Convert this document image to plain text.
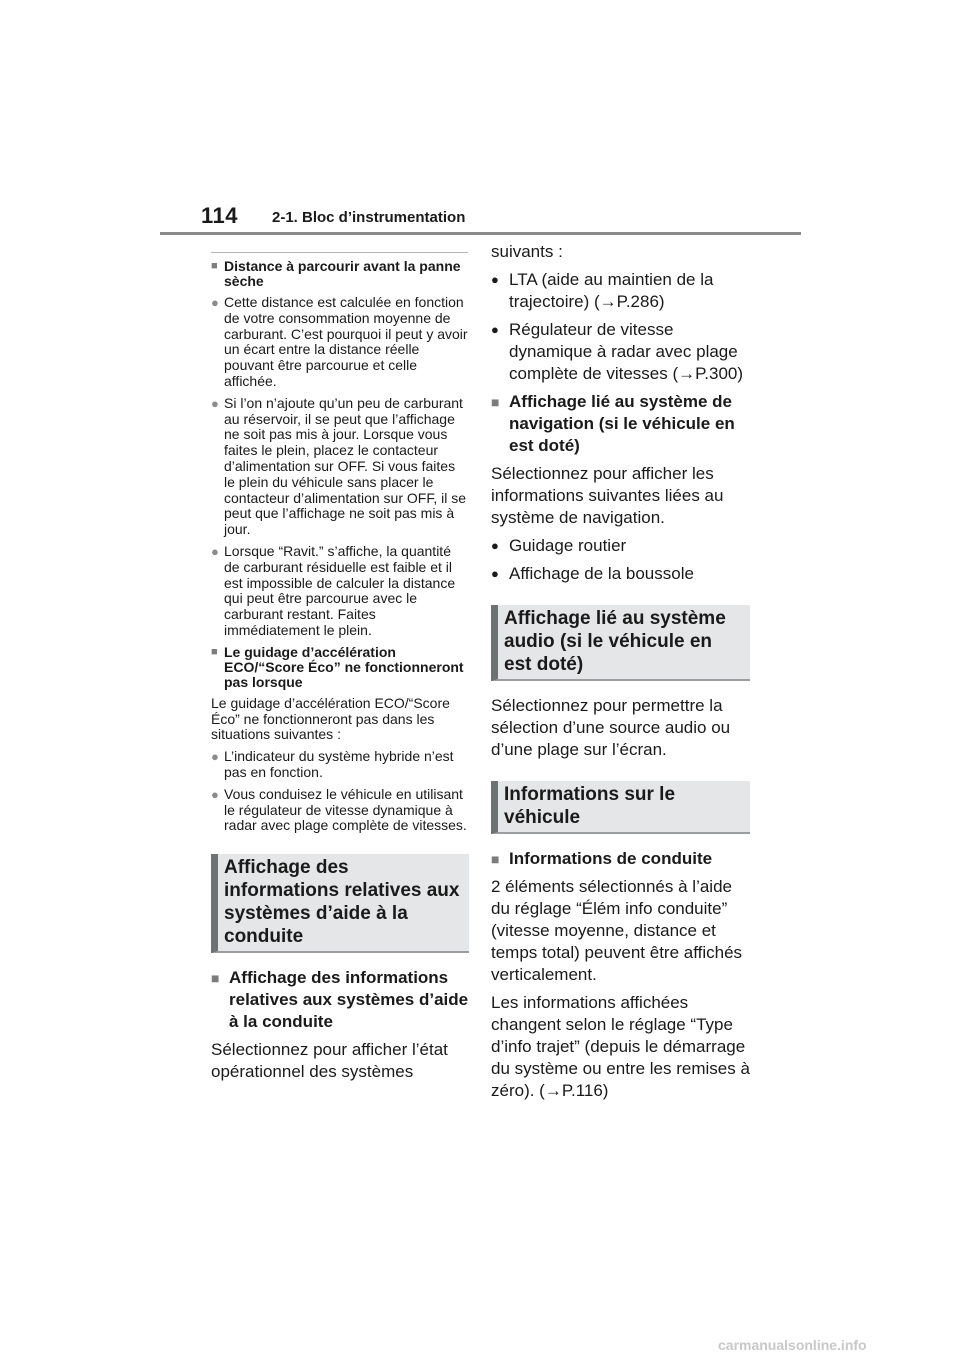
114 2-1. Bloc d’instrumentation
■ Distance à parcourir avant la panne sèche
● Cette distance est calculée en fonction de votre consommation moyenne de carburant. C’est pourquoi il peut y avoir un écart entre la distance réelle pouvant être parcourue et celle affichée.
● Si l’on n’ajoute qu’un peu de carburant au réservoir, il se peut que l’affichage ne soit pas mis à jour. Lorsque vous faites le plein, placez le contacteur d’alimentation sur OFF. Si vous faites le plein du véhicule sans placer le contacteur d’alimentation sur OFF, il se peut que l’affichage ne soit pas mis à jour.
● Lorsque “Ravit.” s’affiche, la quantité de carburant résiduelle est faible et il est impossible de calculer la distance qui peut être parcourue avec le carburant restant. Faites immédiatement le plein.
■ Le guidage d’accélération ECO/“Score Éco” ne fonctionneront pas lorsque
Le guidage d’accélération ECO/“Score Éco” ne fonctionneront pas dans les situations suivantes :
● L’indicateur du système hybride n’est pas en fonction.
● Vous conduisez le véhicule en utilisant le régulateur de vitesse dynamique à radar avec plage complète de vitesses.
Affichage des informations relatives aux systèmes d’aide à la conduite
■ Affichage des informations relatives aux systèmes d’aide à la conduite
Sélectionnez pour afficher l’état opérationnel des systèmes
suivants :
● LTA (aide au maintien de la trajectoire) (→P.286)
● Régulateur de vitesse dynamique à radar avec plage complète de vitesses (→P.300)
■ Affichage lié au système de navigation (si le véhicule en est doté)
Sélectionnez pour afficher les informations suivantes liées au système de navigation.
● Guidage routier
● Affichage de la boussole
Affichage lié au système audio (si le véhicule en est doté)
Sélectionnez pour permettre la sélection d’une source audio ou d’une plage sur l’écran.
Informations sur le véhicule
■ Informations de conduite
2 éléments sélectionnés à l’aide du réglage “Élém info conduite” (vitesse moyenne, distance et temps total) peuvent être affichés verticalement.
Les informations affichées changent selon le réglage “Type d’info trajet” (depuis le démarrage du système ou entre les remises à zéro). (→P.116)
carmanualsonline.info
